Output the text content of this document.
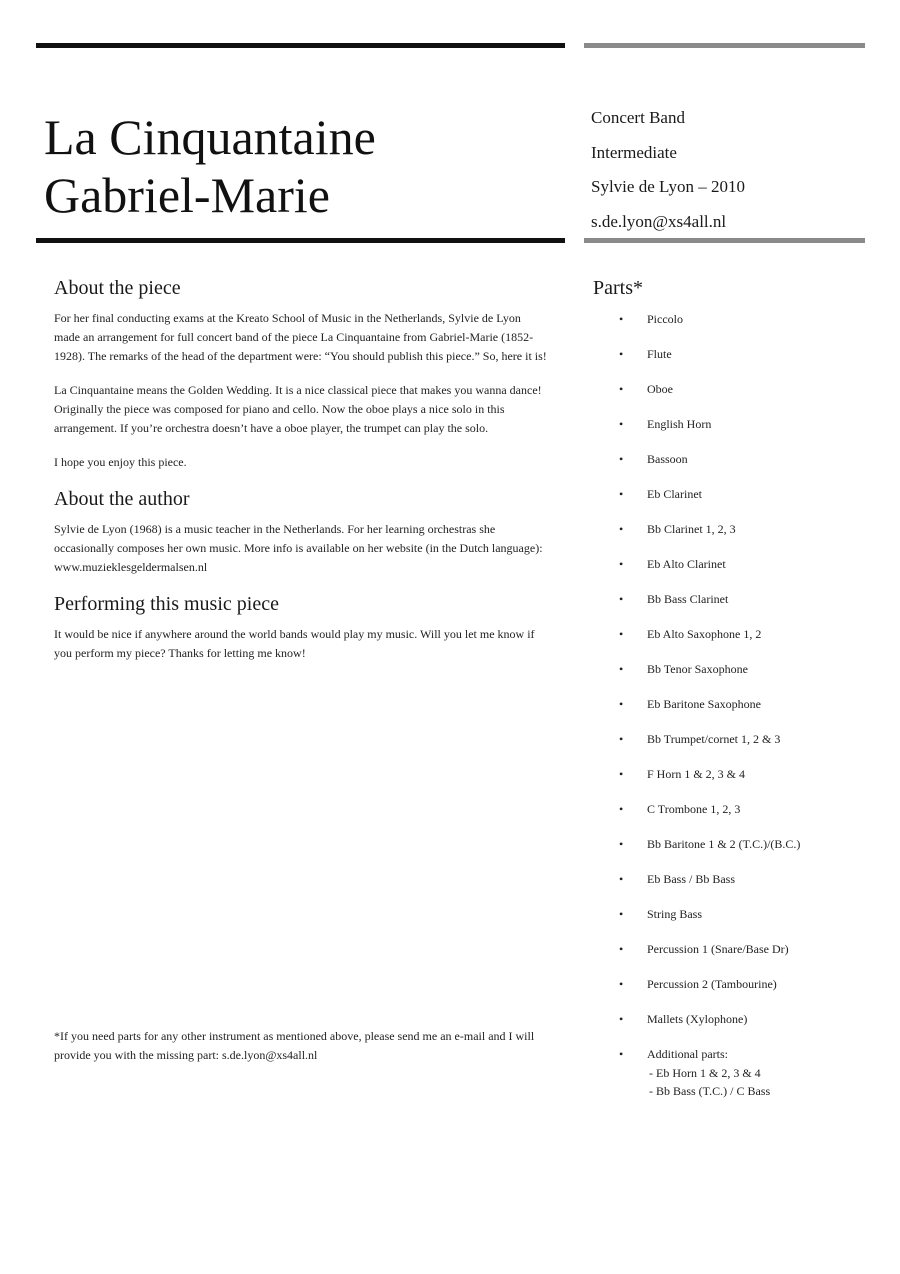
La Cinquantaine
Gabriel-Marie
Concert Band
Intermediate
Sylvie de Lyon – 2010
s.de.lyon@xs4all.nl
About the piece

For her final conducting exams at the Kreato School of Music in the Netherlands, Sylvie de Lyon made an arrangement for full concert band of the piece La Cinquantaine from Gabriel-Marie (1852-1928). The remarks of the head of the department were: “You should publish this piece.” So, here it is!

La Cinquantaine means the Golden Wedding. It is a nice classical piece that makes you wanna dance! Originally the piece was composed for piano and cello. Now the oboe plays a nice solo in this arrangement. If you’re orchestra doesn’t have a oboe player, the trumpet can play the solo.

I hope you enjoy this piece.

About the author

Sylvie de Lyon (1968) is a music teacher in the Netherlands. For her learning orchestras she occasionally composes her own music. More info is available on her website (in the Dutch language): www.muzieklesgeldermalsen.nl

Performing this music piece

It would be nice if anywhere around the world bands would play my music. Will you let me know if you perform my piece? Thanks for letting me know!

*If you need parts for any other instrument as mentioned above, please send me an e-mail and I will provide you with the missing part: s.de.lyon@xs4all.nl
Parts*
• Piccolo
• Flute
• Oboe
• English Horn
• Bassoon
• Eb Clarinet
• Bb Clarinet 1, 2, 3
• Eb Alto Clarinet
• Bb Bass Clarinet
• Eb Alto Saxophone 1, 2
• Bb Tenor Saxophone
• Eb Baritone Saxophone
• Bb Trumpet/cornet 1, 2 & 3
• F Horn 1 & 2, 3 & 4
• C Trombone 1, 2, 3
• Bb Baritone 1 & 2 (T.C.)/(B.C.)
• Eb Bass / Bb Bass
• String Bass
• Percussion 1 (Snare/Base Dr)
• Percussion 2 (Tambourine)
• Mallets (Xylophone)
• Additional parts:
- Eb Horn 1 & 2, 3 & 4
- Bb Bass (T.C.) / C Bass
